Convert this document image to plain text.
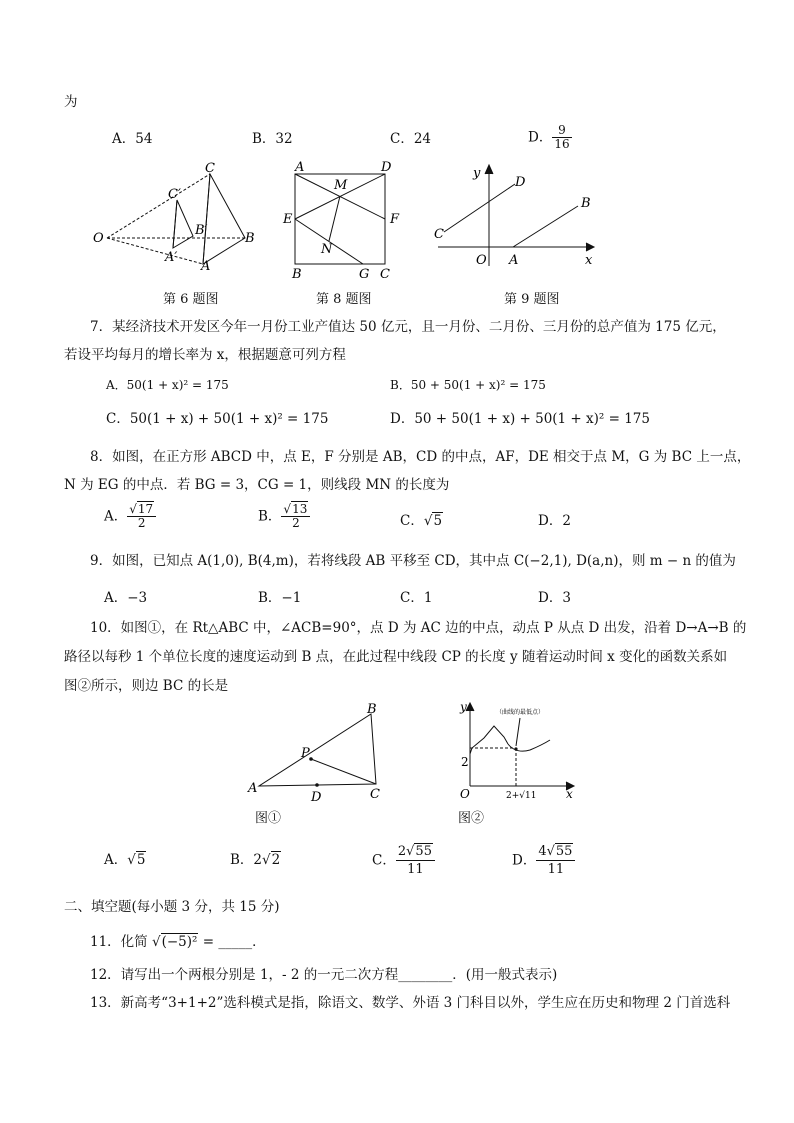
为
A．54	B．32	C．24	D． $\frac{9}{16}$
O
C
C′
B′
B
A′
A
第 6 题图
A	D
M
E	F
N
B	G C
第 8 题图
y
D
B
C
O A	x
第 9 题图
7．某经济技术开发区今年一月份工业产值达 50 亿元，且一月份、二月份、三月份的总产值为 175 亿元，
若设平均每月的增长率为 x，根据题意可列方程
A．50(1 + x)² = 175	B．50 + 50(1 + x)² = 175
C．50(1 + x) + 50(1 + x)² = 175	D．50 + 50(1 + x) + 50(1 + x)² = 175
8．如图，在正方形 ABCD 中，点 E，F 分别是 AB，CD 的中点，AF，DE 相交于点 M，G 为 BC 上一点，
N 为 EG 的中点．若 BG = 3，CG = 1，则线段 MN 的长度为
A． $\frac{√17}{2}$	B． $\frac{√13}{2}$	C．√5	D．2
9．如图，已知点 A(1,0), B(4,m)，若将线段 AB 平移至 CD，其中点 C(−2,1), D(a,n)，则 m − n 的值为
A．−3	B．−1	C．1	D．3
10．如图①，在 Rt△ABC 中，∠ACB=90°，点 D 为 AC 边的中点，动点 P 从点 D 出发，沿着 D→A→B 的
路径以每秒 1 个单位长度的速度运动到 B 点，在此过程中线段 CP 的长度 y 随着运动时间 x 变化的函数关系如
图②所示，则边 BC 的长是
A
B
C
P
D
图①
y
x
O
2
2+√11
（曲线的最低点）
图②
A．√5	B．2√2	C． $\frac{2√55}{11}$	D． $\frac{4√55}{11}$
二、填空题(每小题 3 分，共 15 分)
11．化简 √(−5)² = _____．
12．请写出一个两根分别是 1，- 2 的一元二次方程________．(用一般式表示)
13．新高考“3+1+2”选科模式是指，除语文、数学、外语 3 门科目以外，学生应在历史和物理 2 门首选科
